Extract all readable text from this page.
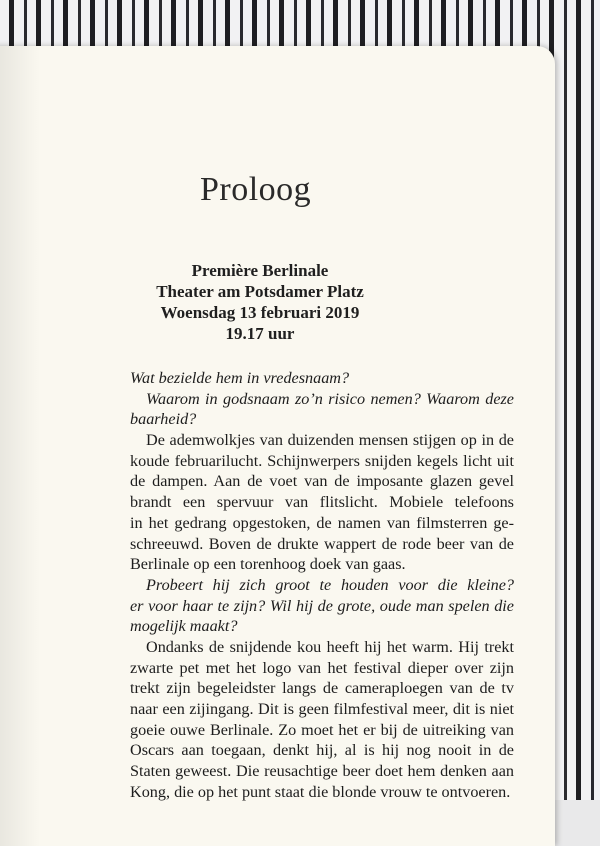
Proloog
Première Berlinale
Theater am Potsdamer Platz
Woensdag 13 februari 2019
19.17 uur
Wat bezielde hem in vredesnaam?
Waarom in godsnaam zo’n risico nemen? Waarom deze
baarheid?
De ademwolkjes van duizenden mensen stijgen op in de
koude februarilucht. Schijnwerpers snijden kegels licht uit
de dampen. Aan de voet van de imposante glazen gevel
brandt een spervuur van flitslicht. Mobiele telefoons
in het gedrang opgestoken, de namen van filmsterren ge-
schreeuwd. Boven de drukte wappert de rode beer van de
Berlinale op een torenhoog doek van gaas.
Probeert hij zich groot te houden voor die kleine?
er voor haar te zijn? Wil hij de grote, oude man spelen die
mogelijk maakt?
Ondanks de snijdende kou heeft hij het warm. Hij trekt
zwarte pet met het logo van het festival dieper over zijn
trekt zijn begeleidster langs de cameraploegen van de tv
naar een zijingang. Dit is geen filmfestival meer, dit is niet
goeie ouwe Berlinale. Zo moet het er bij de uitreiking van
Oscars aan toegaan, denkt hij, al is hij nog nooit in de
Staten geweest. Die reusachtige beer doet hem denken aan
Kong, die op het punt staat die blonde vrouw te ontvoeren.
